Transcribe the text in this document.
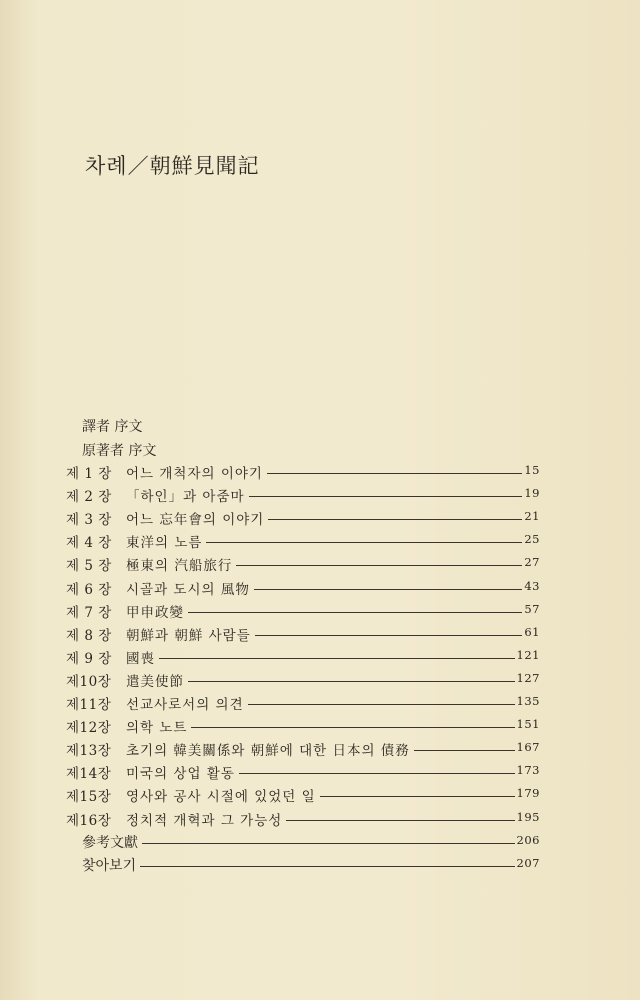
차례／朝鮮見聞記
譯者 序文
原著者 序文
제 1 장	어느 개척자의 이야기	15
제 2 장	「하인」과 아줌마	19
제 3 장	어느 忘年會의 이야기	21
제 4 장	東洋의 노름	25
제 5 장	極東의 汽船旅行	27
제 6 장	시골과 도시의 風物	43
제 7 장	甲申政變	57
제 8 장	朝鮮과 朝鮮 사람들	61
제 9 장	國喪	121
제10장	遣美使節	127
제11장	선교사로서의 의견	135
제12장	의학 노트	151
제13장	초기의 韓美關係와 朝鮮에 대한 日本의 債務	167
제14장	미국의 상업 활동	173
제15장	영사와 공사 시절에 있었던 일	179
제16장	정치적 개혁과 그 가능성	195
參考文獻	206
찾아보기	207
